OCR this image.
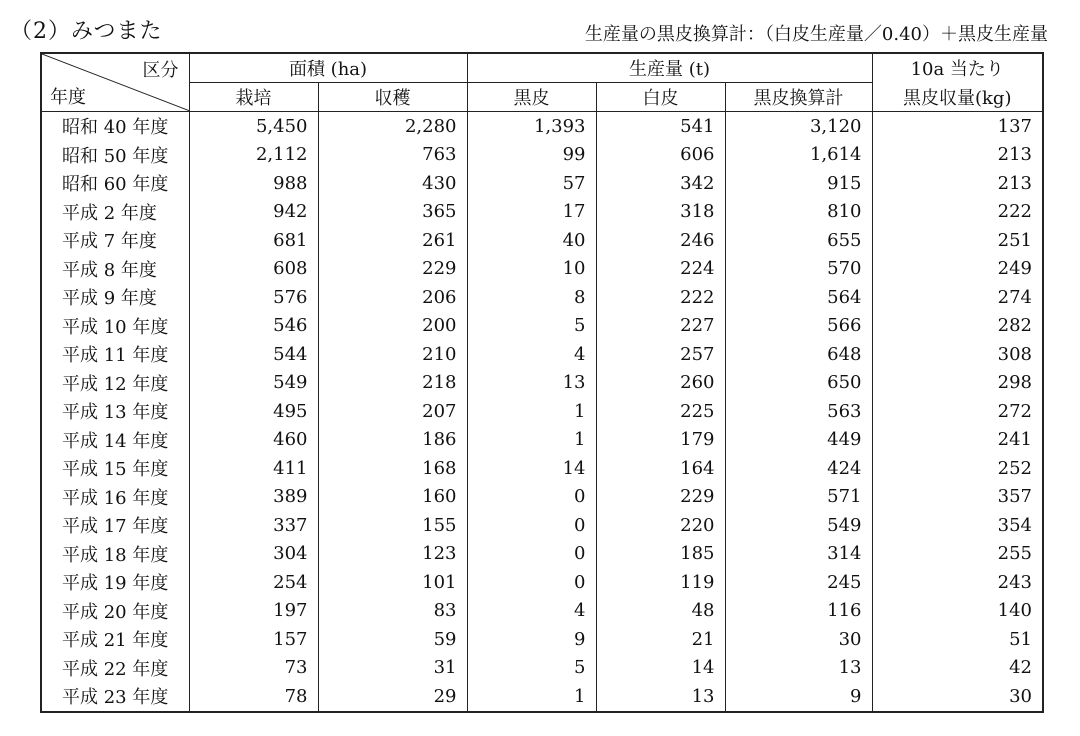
（2）みつまた	生産量の黒皮換算計：（白皮生産量／0.40）＋黒皮生産量
区分
年度	面積 (ha)		生産量 (t)			10a 当たり
	栽培	収穫	黒皮	白皮	黒皮換算計	黒皮収量(kg)
昭和 40 年度	5,450	2,280	1,393	541	3,120	137
昭和 50 年度	2,112	763	99	606	1,614	213
昭和 60 年度	988	430	57	342	915	213
平成 2 年度	942	365	17	318	810	222
平成 7 年度	681	261	40	246	655	251
平成 8 年度	608	229	10	224	570	249
平成 9 年度	576	206	8	222	564	274
平成 10 年度	546	200	5	227	566	282
平成 11 年度	544	210	4	257	648	308
平成 12 年度	549	218	13	260	650	298
平成 13 年度	495	207	1	225	563	272
平成 14 年度	460	186	1	179	449	241
平成 15 年度	411	168	14	164	424	252
平成 16 年度	389	160	0	229	571	357
平成 17 年度	337	155	0	220	549	354
平成 18 年度	304	123	0	185	314	255
平成 19 年度	254	101	0	119	245	243
平成 20 年度	197	83	4	48	116	140
平成 21 年度	157	59	9	21	30	51
平成 22 年度	73	31	5	14	13	42
平成 23 年度	78	29	1	13	9	30
